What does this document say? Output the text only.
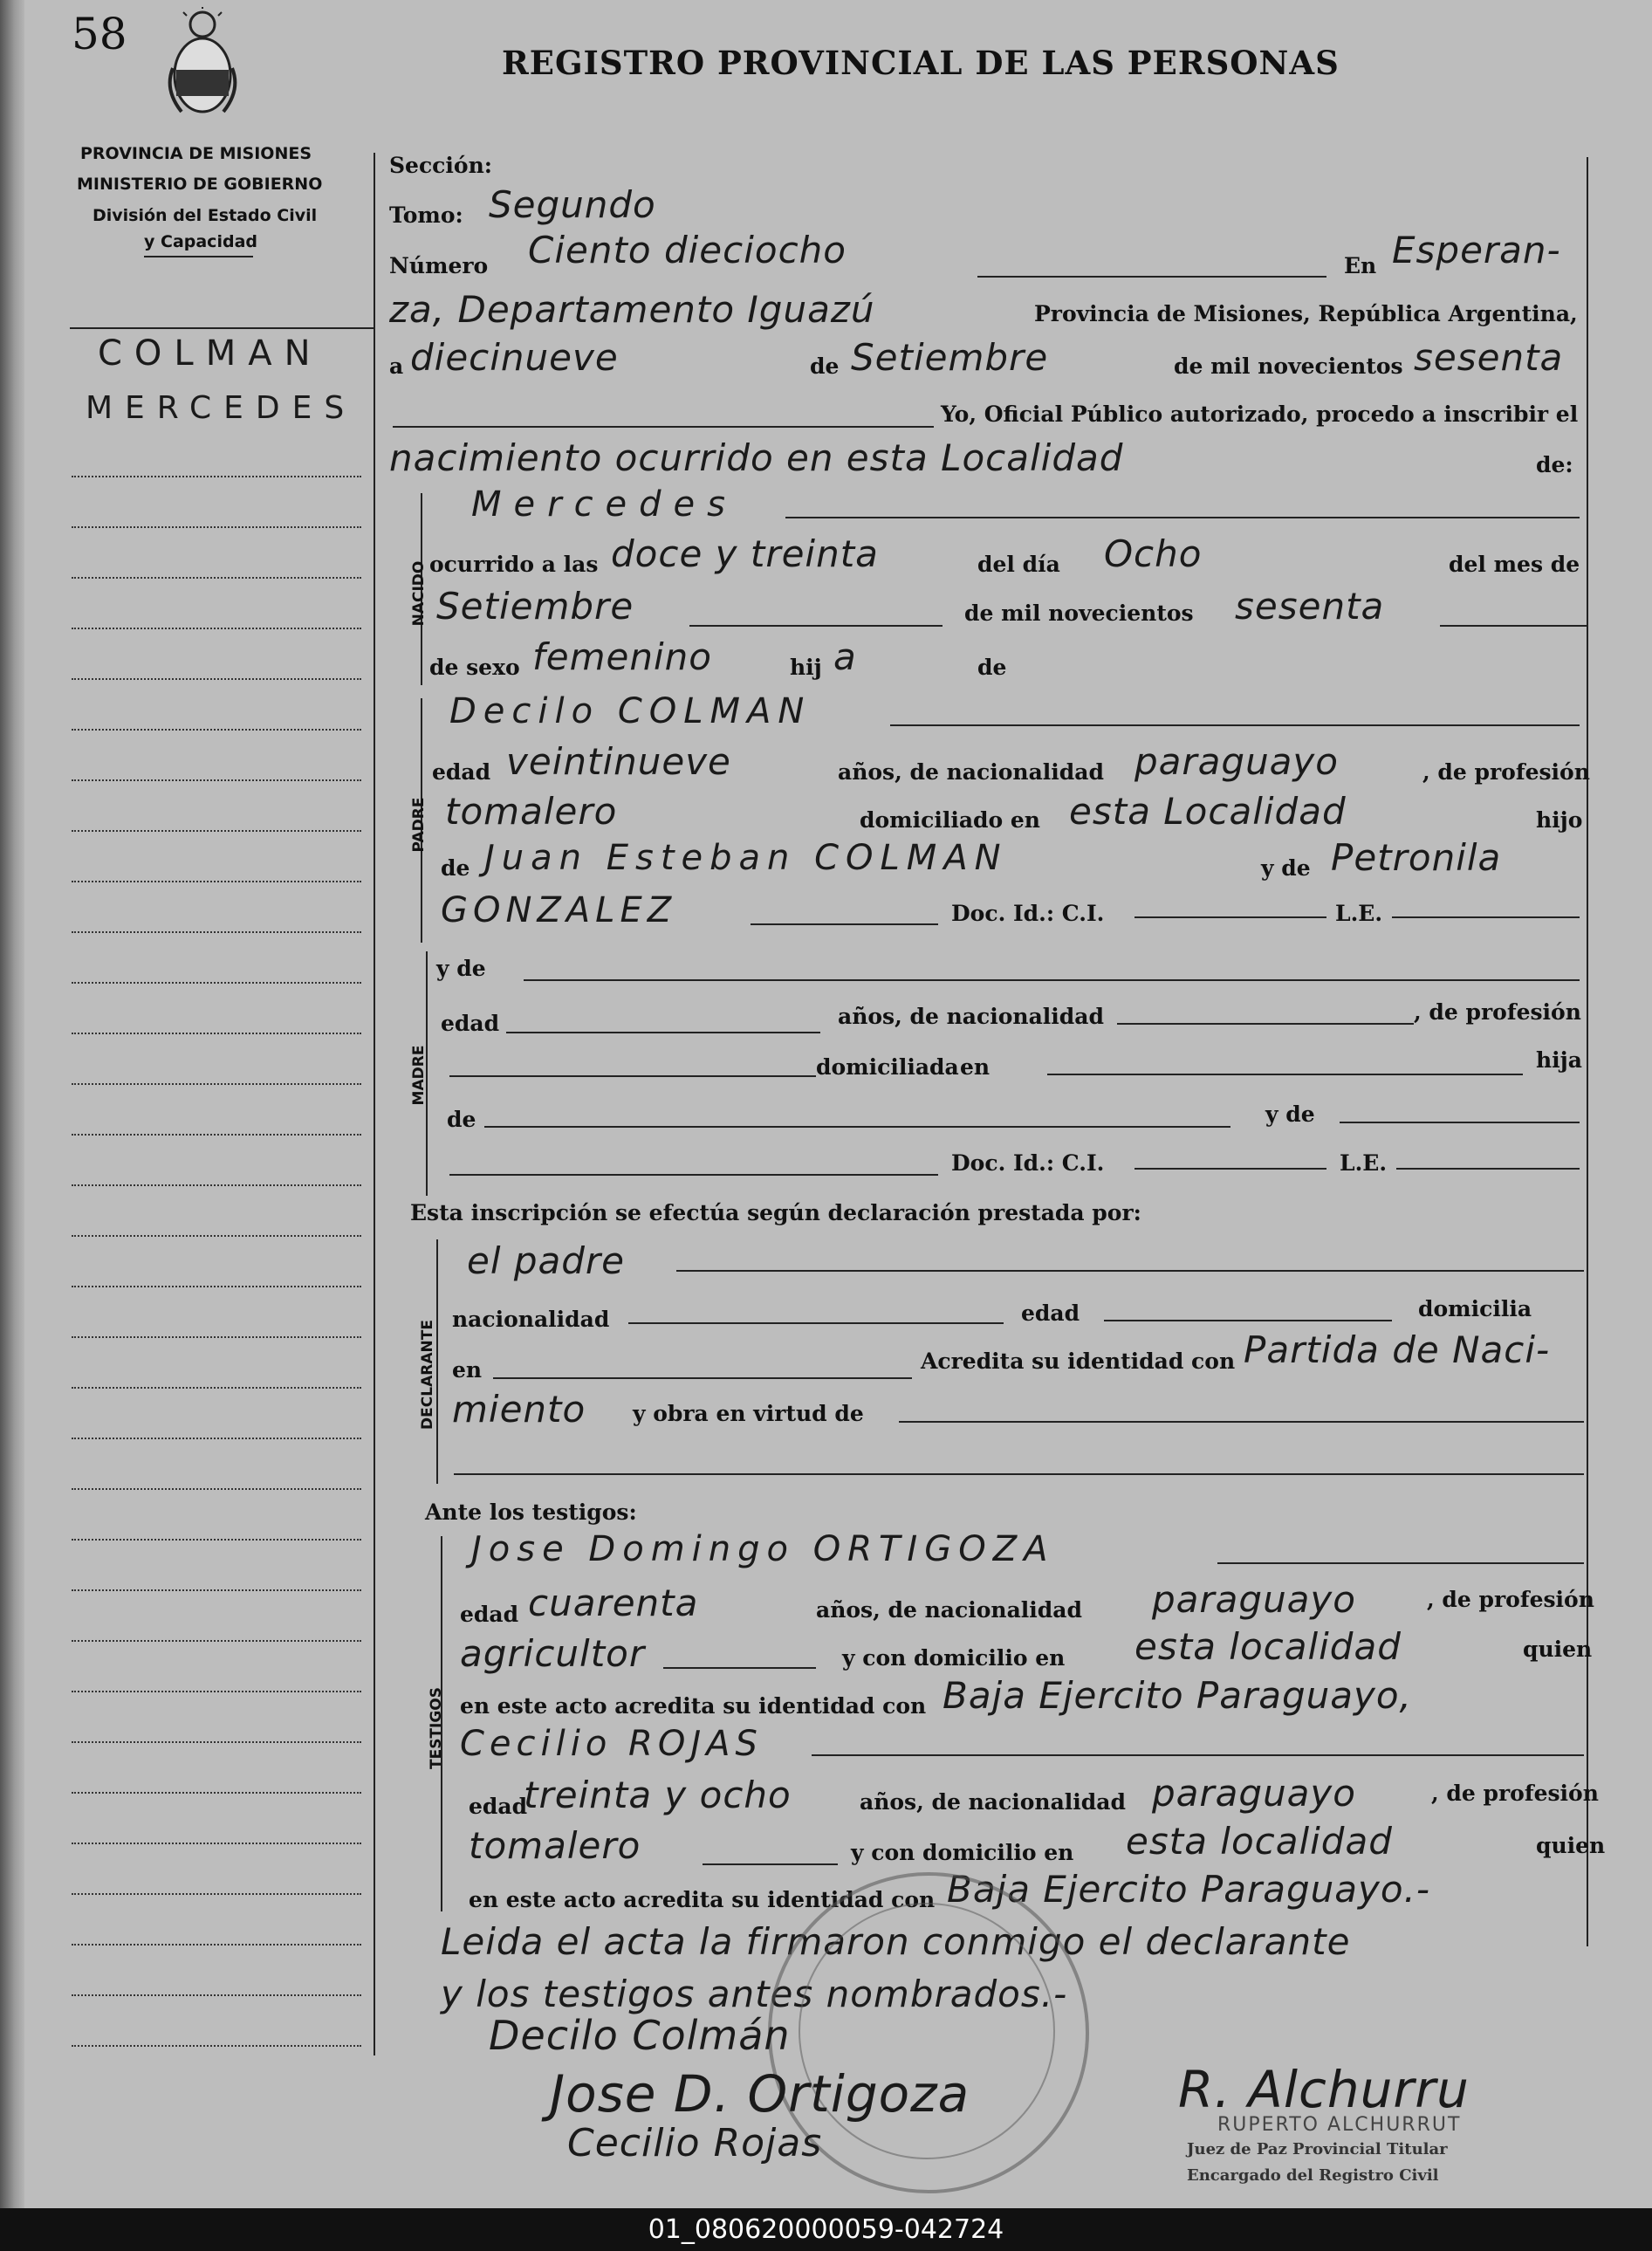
58
REGISTRO PROVINCIAL DE LAS PERSONAS
PROVINCIA DE MISIONES
MINISTERIO DE GOBIERNO
División del Estado Civil
y Capacidad
COLMAN
MERCEDES
Sección:
Tomo: Segundo
Número Ciento dieciocho	En Esperan-
za, Departamento Iguazú	Provincia de Misiones, República Argentina,
a diecinueve	de Setiembre	de mil novecientos sesenta
Yo, Oficial Público autorizado, procedo a inscribir el
nacimiento ocurrido en esta Localidad	de:
NACIDO
Mercedes
ocurrido a las doce y treinta	del día Ocho	del mes de
Setiembre	de mil novecientos sesenta
de sexo femenino	hij a	de
PADRE
Decilo COLMAN
edad veintinueve	años, de nacionalidad paraguayo	, de profesión
tomalero	domiciliado en esta Localidad	hijo
de Juan Esteban COLMAN	y de Petronila
GONZALEZ	Doc. Id.: C.I.	L.E.
MADRE
y de
edad	años, de nacionalidad	, de profesión
domiciliada en	hija
de	y de
Doc. Id.: C.I.	L.E.
Esta inscripción se efectúa según declaración prestada por:
DECLARANTE
el padre
nacionalidad	edad	domicilia
en	Acredita su identidad con Partida de Naci-
miento y obra en virtud de
Ante los testigos:
TESTIGOS
Jose Domingo ORTIGOZA
edad cuarenta	años, de nacionalidad paraguayo	, de profesión
agricultor	y con domicilio en esta localidad	quien
en este acto acredita su identidad con Baja Ejercito Paraguayo,
Cecilio ROJAS
edad
treinta y ocho	años, de nacionalidad paraguayo	, de profesión
tomalero	y con domicilio en esta localidad	quien
en este acto acredita su identidad con Baja Ejercito Paraguayo.-
Leida el acta la firmaron conmigo el declarante
y los testigos antes nombrados.-
Decilo Colmán
Jose D. Ortigoza
Cecilio Rojas
R. Alchurru
RUPERTO ALCHURRUT
Juez de Paz Provincial Titular
Encargado del Registro Civil
01_080620000059-042724
